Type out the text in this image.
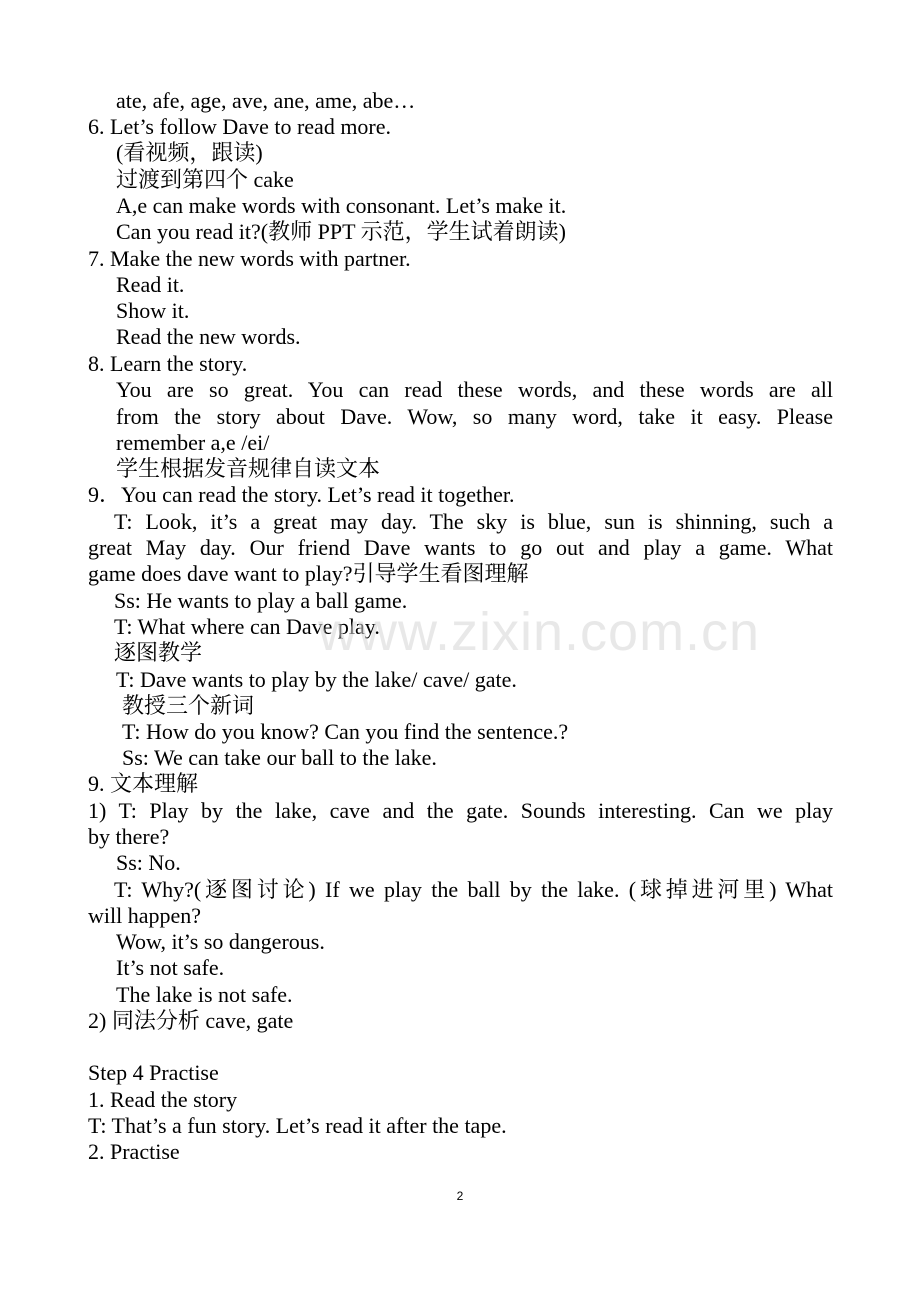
ate, afe, age, ave, ane, ame, abe…
6. Let’s follow Dave to read more.
(看视频，跟读)
过渡到第四个 cake
A,e can make words with consonant. Let’s make it.
Can you read it?(教师 PPT 示范，学生试着朗读)
7. Make the new words with partner.
Read it.
Show it.
Read the new words.
8. Learn the story.
You are so great. You can read these words, and these words are all
from the story about Dave. Wow, so many word, take it easy. Please
remember a,e /ei/
学生根据发音规律自读文本
9．You can read the story. Let’s read it together.
T: Look, it’s a great may day. The sky is blue, sun is shinning, such a
great May day. Our friend Dave wants to go out and play a game. What
game does dave want to play?引导学生看图理解
Ss: He wants to play a ball game.
T: What where can Dave play.
逐图教学
T: Dave wants to play by the lake/ cave/ gate.
教授三个新词
T: How do you know? Can you find the sentence.?
Ss: We can take our ball to the lake.
9. 文本理解
1) T: Play by the lake, cave and the gate. Sounds interesting. Can we play
by there?
Ss: No.
T: Why?(逐图讨论) If we play the ball by the lake. (球掉进河里) What
will happen?
Wow, it’s so dangerous.
It’s not safe.
The lake is not safe.
2) 同法分析 cave, gate
Step 4 Practise
1. Read the story
T: That’s a fun story. Let’s read it after the tape.
2. Practise
www.zixin.com.cn
2
